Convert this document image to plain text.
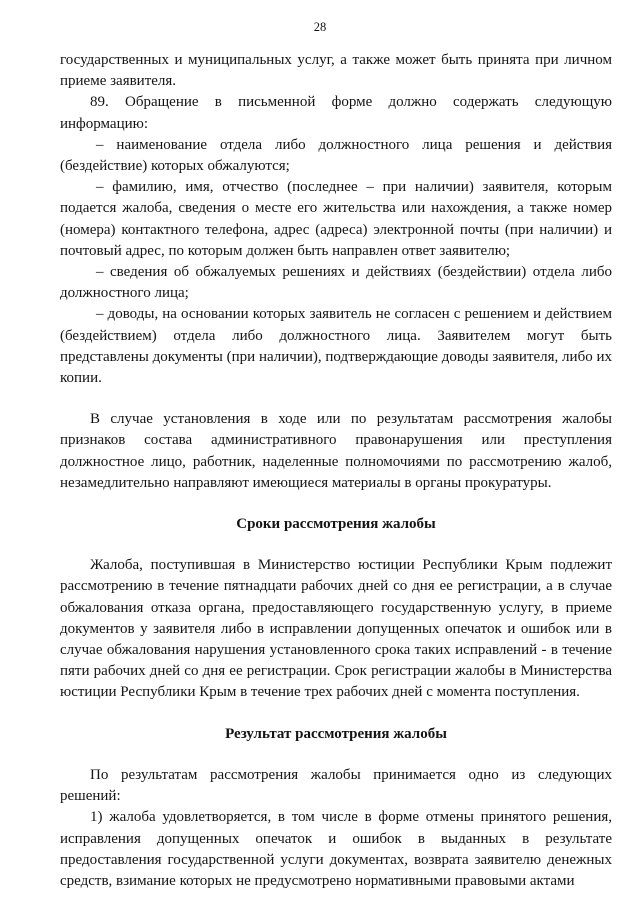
28

государственных и муниципальных услуг, а также может быть принята при личном приеме заявителя.

89. Обращение в письменной форме должно содержать следующую информацию:

– наименование отдела либо должностного лица решения и действия (бездействие) которых обжалуются;

– фамилию, имя, отчество (последнее – при наличии) заявителя, которым подается жалоба, сведения о месте его жительства или нахождения, а также номер (номера) контактного телефона, адрес (адреса) электронной почты (при наличии) и почтовый адрес, по которым должен быть направлен ответ заявителю;

– сведения об обжалуемых решениях и действиях (бездействии) отдела либо должностного лица;

– доводы, на основании которых заявитель не согласен с решением и действием (бездействием) отдела либо должностного лица. Заявителем могут быть представлены документы (при наличии), подтверждающие доводы заявителя, либо их копии.

В случае установления в ходе или по результатам рассмотрения жалобы признаков состава административного правонарушения или преступления должностное лицо, работник, наделенные полномочиями по рассмотрению жалоб, незамедлительно направляют имеющиеся материалы в органы прокуратуры.

Сроки рассмотрения жалобы

Жалоба, поступившая в Министерство юстиции Республики Крым подлежит рассмотрению в течение пятнадцати рабочих дней со дня ее регистрации, а в случае обжалования отказа органа, предоставляющего государственную услугу, в приеме документов у заявителя либо в исправлении допущенных опечаток и ошибок или в случае обжалования нарушения установленного срока таких исправлений - в течение пяти рабочих дней со дня ее регистрации. Срок регистрации жалобы в Министерства юстиции Республики Крым в течение трех рабочих дней с момента поступления.

Результат рассмотрения жалобы

По результатам рассмотрения жалобы принимается одно из следующих решений:

1) жалоба удовлетворяется, в том числе в форме отмены принятого решения, исправления допущенных опечаток и ошибок в выданных в результате предоставления государственной услуги документах, возврата заявителю денежных средств, взимание которых не предусмотрено нормативными правовыми актами
